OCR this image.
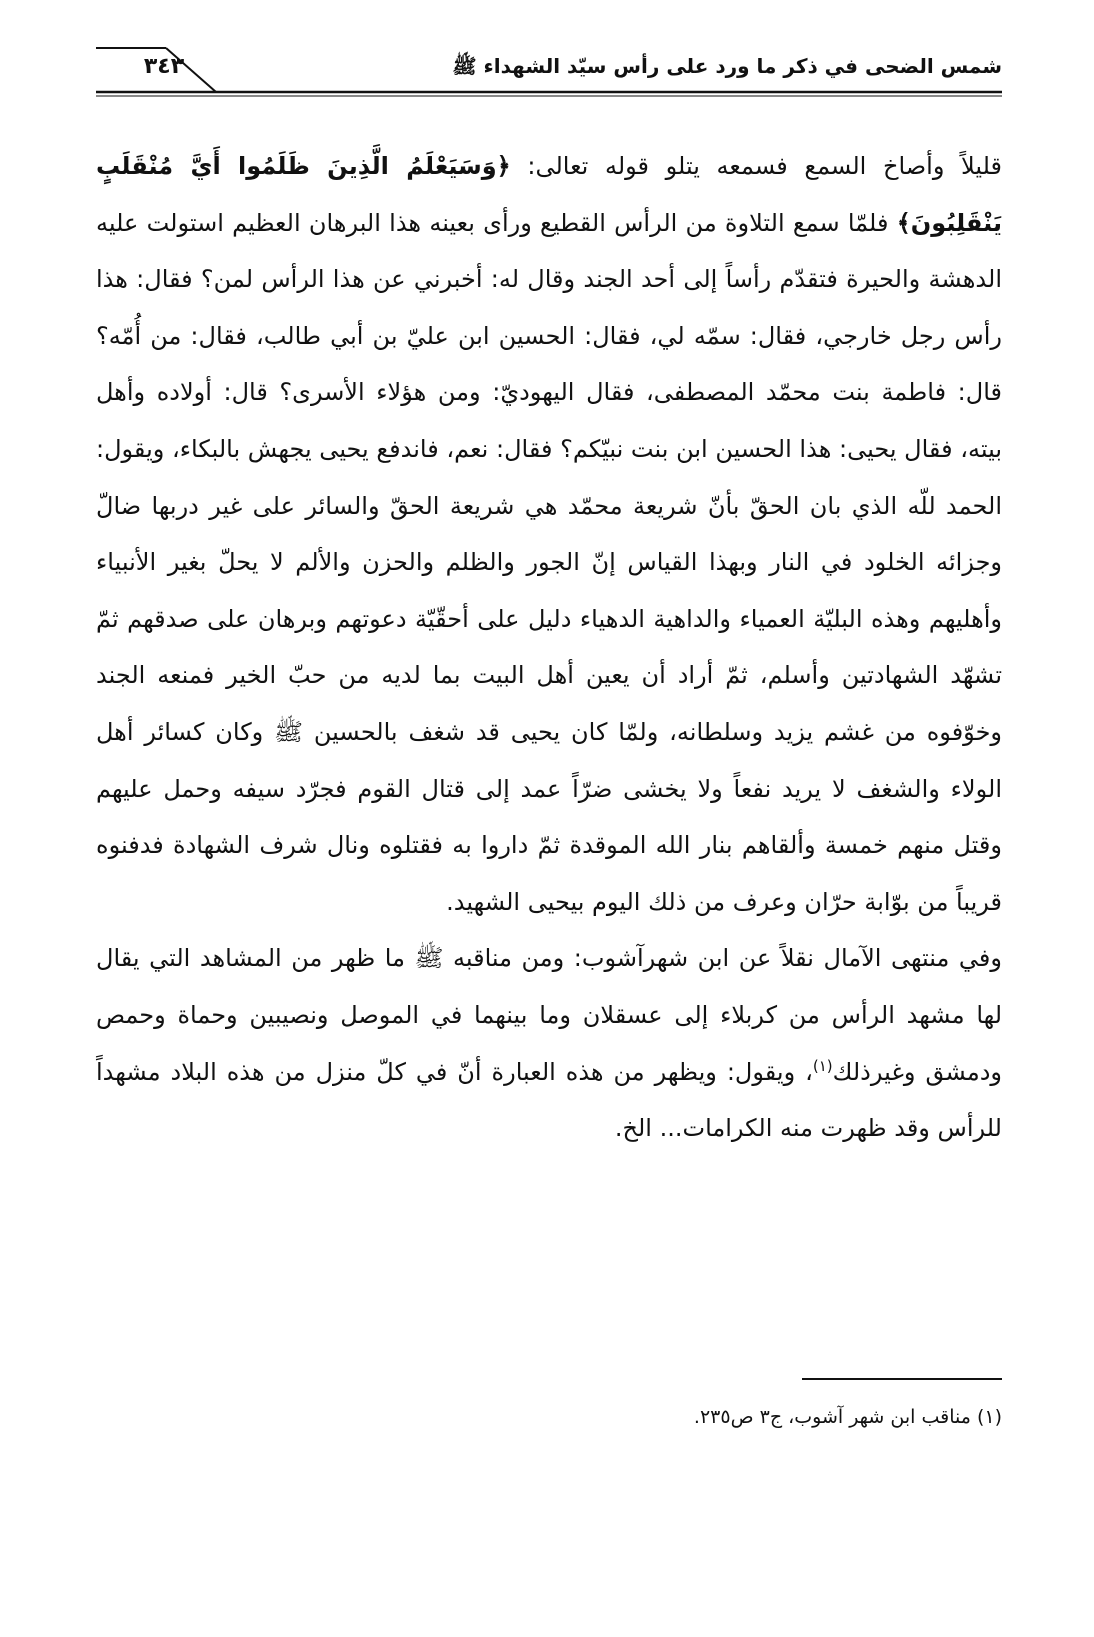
٣٤٣	شمس الضحى في ذكر ما ورد على رأس سيّد الشهداء ﷺ

قليلاً وأصاخ السمع فسمعه يتلو قوله تعالى: ﴿وَسَيَعْلَمُ الَّذِينَ ظَلَمُوا أَيَّ مُنْقَلَبٍ يَنْقَلِبُونَ﴾ فلمّا سمع التلاوة من الرأس القطيع ورأى بعينه هذا البرهان العظيم استولت عليه الدهشة والحيرة فتقدّم رأساً إلى أحد الجند وقال له: أخبرني عن هذا الرأس لمن؟ فقال: هذا رأس رجل خارجي، فقال: سمّه لي، فقال: الحسين ابن عليّ بن أبي طالب، فقال: من أُمّه؟ قال: فاطمة بنت محمّد المصطفى، فقال اليهوديّ: ومن هؤلاء الأسرى؟ قال: أولاده وأهل بيته، فقال يحيى: هذا الحسين ابن بنت نبيّكم؟ فقال: نعم، فاندفع يحيى يجهش بالبكاء، ويقول: الحمد للّه الذي بان الحقّ بأنّ شريعة محمّد هي شريعة الحقّ والسائر على غير دربها ضالّ وجزائه الخلود في النار وبهذا القياس إنّ الجور والظلم والحزن والألم لا يحلّ بغير الأنبياء وأهليهم وهذه البليّة العمياء والداهية الدهياء دليل على أحقّيّة دعوتهم وبرهان على صدقهم ثمّ تشهّد الشهادتين وأسلم، ثمّ أراد أن يعين أهل البيت بما لديه من حبّ الخير فمنعه الجند وخوّفوه من غشم يزيد وسلطانه، ولمّا كان يحيى قد شغف بالحسين ﷺ وكان كسائر أهل الولاء والشغف لا يريد نفعاً ولا يخشى ضرّاً عمد إلى قتال القوم فجرّد سيفه وحمل عليهم وقتل منهم خمسة وألقاهم بنار الله الموقدة ثمّ داروا به فقتلوه ونال شرف الشهادة فدفنوه قريباً من بوّابة حرّان وعرف من ذلك اليوم بيحيى الشهيد.

وفي منتهى الآمال نقلاً عن ابن شهرآشوب: ومن مناقبه ﷺ ما ظهر من المشاهد التي يقال لها مشهد الرأس من كربلاء إلى عسقلان وما بينهما في الموصل ونصيبين وحماة وحمص ودمشق وغيرذلك$^{(١)}$، ويقول: ويظهر من هذه العبارة أنّ في كلّ منزل من هذه البلاد مشهداً للرأس وقد ظهرت منه الكرامات... الخ.

(١) مناقب ابن شهر آشوب، ج٣ ص٢٣٥.
